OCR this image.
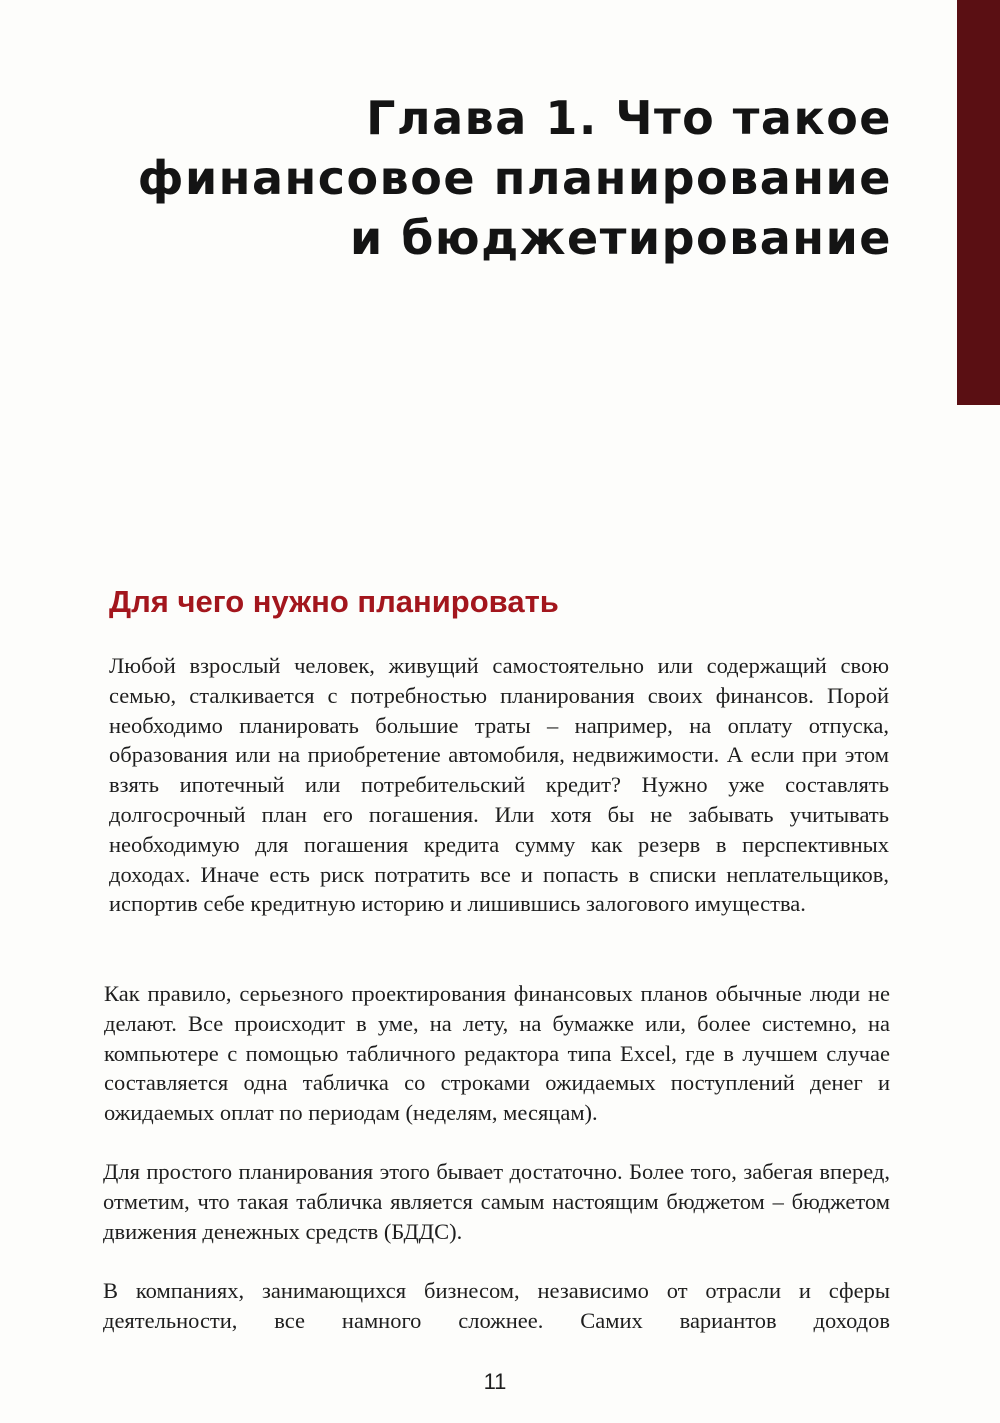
Глава 1. Что такое финансовое планирование и бюджетирование
Для чего нужно планировать

Любой взрослый человек, живущий самостоятельно или содержащий свою семью, сталкивается с потребностью планирования своих финансов. Порой необходимо планировать большие траты – например, на оплату отпуска, образования или на приобретение автомобиля, недвижимости. А если при этом взять ипотечный или потребительский кредит? Нужно уже составлять долгосрочный план его погашения. Или хотя бы не забывать учитывать необходимую для погашения кредита сумму как резерв в перспективных доходах. Иначе есть риск потратить все и попасть в списки неплательщиков, испортив себе кредитную историю и лишившись залогового имущества.

Как правило, серьезного проектирования финансовых планов обычные люди не делают. Все происходит в уме, на лету, на бумажке или, более системно, на компьютере с помощью табличного редактора типа Excel, где в лучшем случае составляется одна табличка со строками ожидаемых поступлений денег и ожидаемых оплат по периодам (неделям, месяцам).

Для простого планирования этого бывает достаточно. Более того, забегая вперед, отметим, что такая табличка является самым настоящим бюджетом – бюджетом движения денежных средств (БДДС).

В компаниях, занимающихся бизнесом, независимо от отрасли и сферы деятельности, все намного сложнее. Самих вариантов доходов

11
